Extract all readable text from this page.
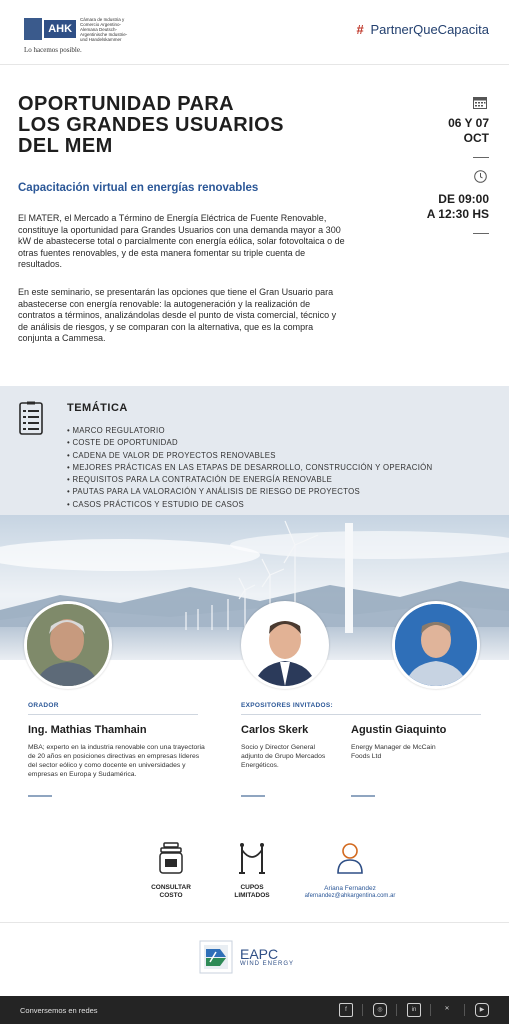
AHK
Cámara de Industria y Comercio Argentino-Alemana Deutsch-Argentinische Industrie- und Handelskammer
Lo hacemos posible.
# PartnerQueCapacita
OPORTUNIDAD PARA
LOS GRANDES USUARIOS
DEL MEM
Capacitación virtual en energías renovables
El MATER, el Mercado a Término de Energía Eléctrica de Fuente Renovable, constituye la oportunidad para Grandes Usuarios con una demanda mayor a 300 kW de abastecerse total o parcialmente con energía eólica, solar fotovoltaica o de otras fuentes renovables, y de esta manera fomentar su triple cuenta de resultados.
En este seminario, se presentarán las opciones que tiene el Gran Usuario para abastecerse con energía renovable: la autogeneración y la realización de contratos a términos, analizándolas desde el punto de vista comercial, técnico y de análisis de riesgos, y se comparan con la alternativa, que es la compra conjunta a Cammesa.
06 Y 07
OCT
DE 09:00
A 12:30 HS
TEMÁTICA
• MARCO REGULATORIO
• COSTE DE OPORTUNIDAD
• CADENA DE VALOR DE PROYECTOS RENOVABLES
• MEJORES PRÁCTICAS EN LAS ETAPAS DE DESARROLLO, CONSTRUCCIÓN Y OPERACIÓN
• REQUISITOS PARA LA CONTRATACIÓN DE ENERGÍA RENOVABLE
• PAUTAS PARA LA VALORACIÓN Y ANÁLISIS DE RIESGO DE PROYECTOS
• CASOS PRÁCTICOS Y ESTUDIO DE CASOS
ORADOR	EXPOSITORES INVITADOS:
Ing. Mathias Thamhain
MBA; experto en la industria renovable con una trayectoria de 20 años en posiciones directivas en empresas líderes del sector eólico y como docente en universidades y empresas en Europa y Sudamérica.
Carlos Skerk
Socio y Director General adjunto de Grupo Mercados Energéticos.
Agustin Giaquinto
Energy Manager de McCain Foods Ltd
CONSULTAR
COSTO
CUPOS
LIMITADOS
Ariana Fernandez
afernandez@ahkargentina.com.ar
EAPC
WIND ENERGY
Conversemos en redes	f	◎	in	✕	▶
